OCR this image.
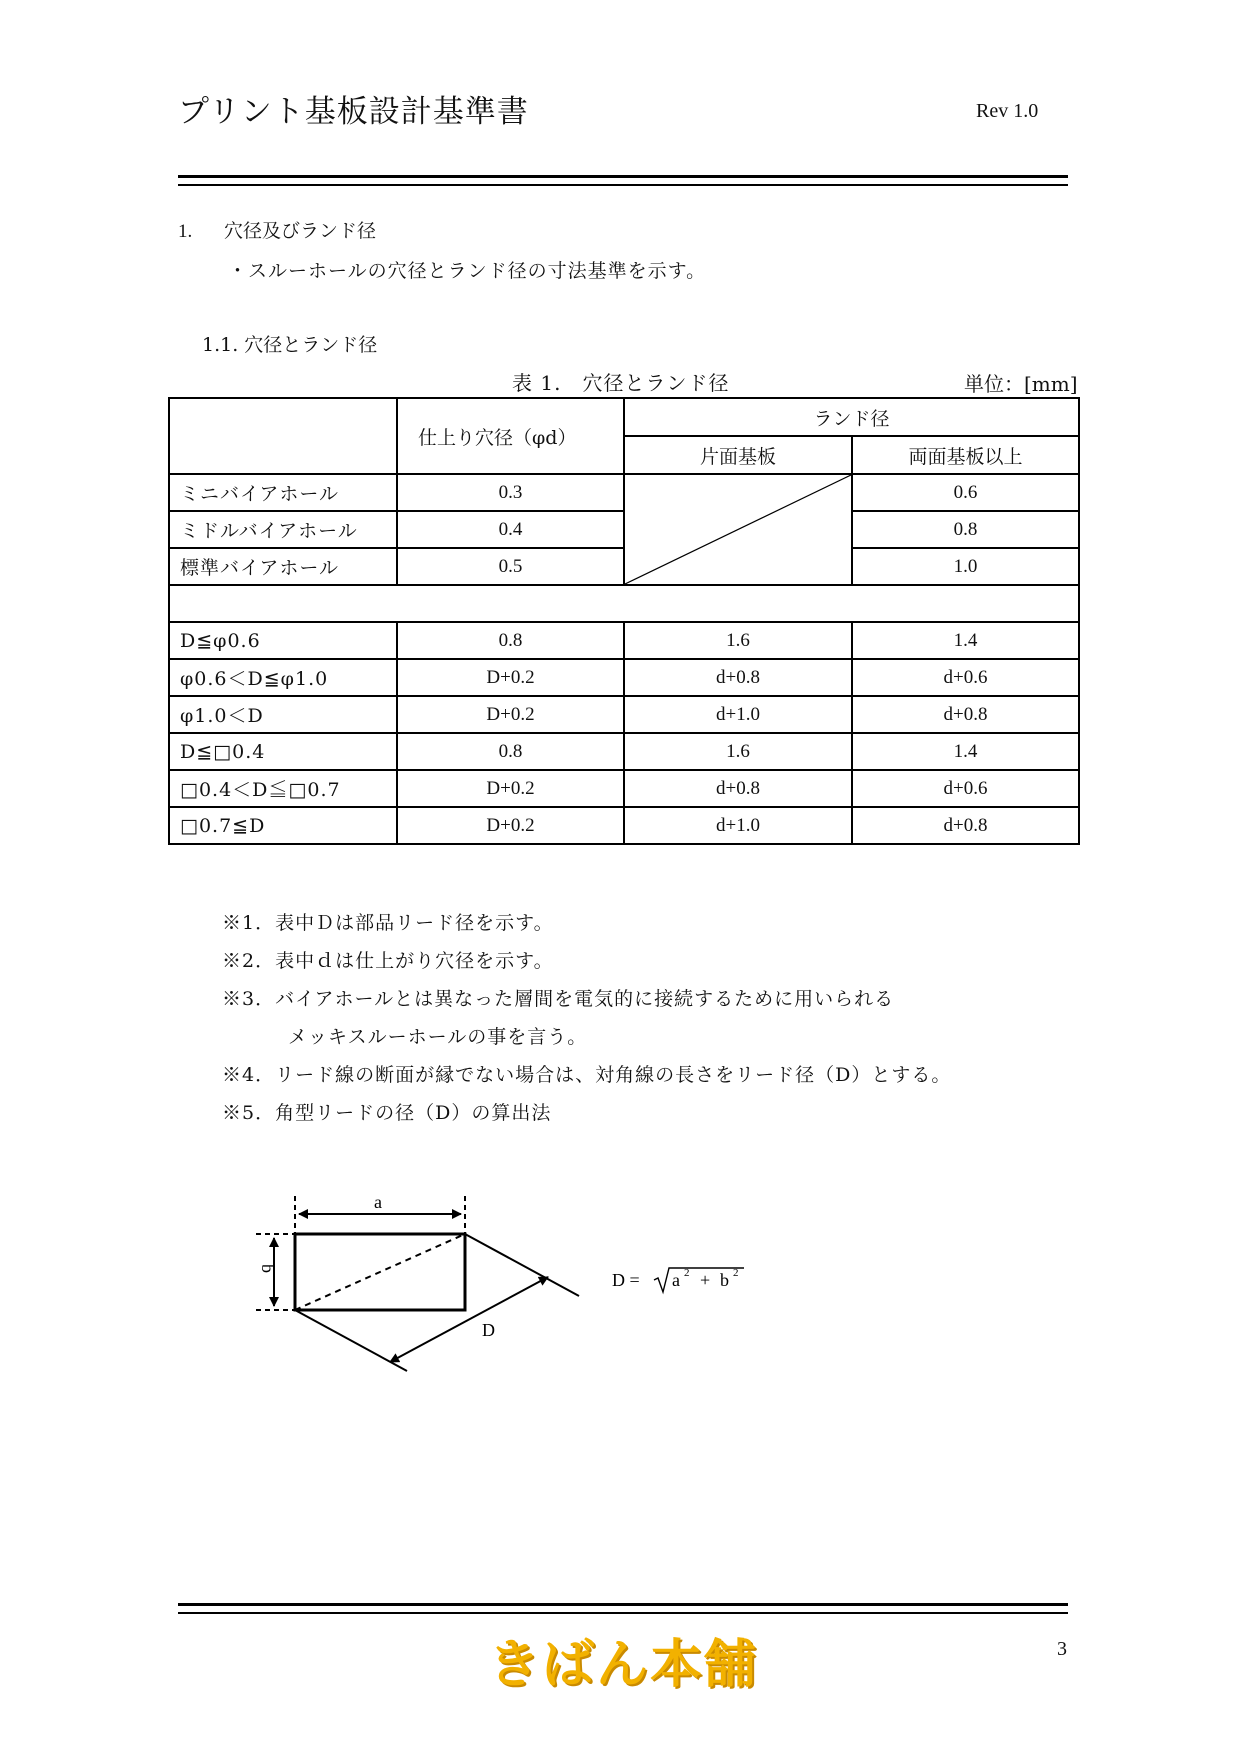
プリント基板設計基準書	Rev 1.0
1. 穴径及びランド径
・スルーホールの穴径とランド径の寸法基準を示す。
1.1. 穴径とランド径
表 1.　穴径とランド径	単位：[mm]
	仕上り穴径（φd）	ランド径	
		片面基板	両面基板以上
ミニバイアホール	0.3		0.6
ミドルバイアホール	0.4		0.8
標準バイアホール	0.5		1.0

D≦φ0.6	0.8	1.6	1.4
φ0.6＜D≦φ1.0	D+0.2	d+0.8	d+0.6
φ1.0＜D	D+0.2	d+1.0	d+0.8
D≦□0.4	0.8	1.6	1.4
□0.4＜D≦□0.7	D+0.2	d+0.8	d+0.6
□0.7≦D	D+0.2	d+1.0	d+0.8
※1．表中Ｄは部品リード径を示す。
※2．表中ｄは仕上がり穴径を示す。
※3．バイアホールとは異なった層間を電気的に接続するために用いられる
メッキスルーホールの事を言う。
※4．リード線の断面が縁でない場合は、対角線の長さをリード径（D）とする。
※5．角型リードの径（D）の算出法
a
b
D
D = a 2 + b 2
きばん本舗	3
